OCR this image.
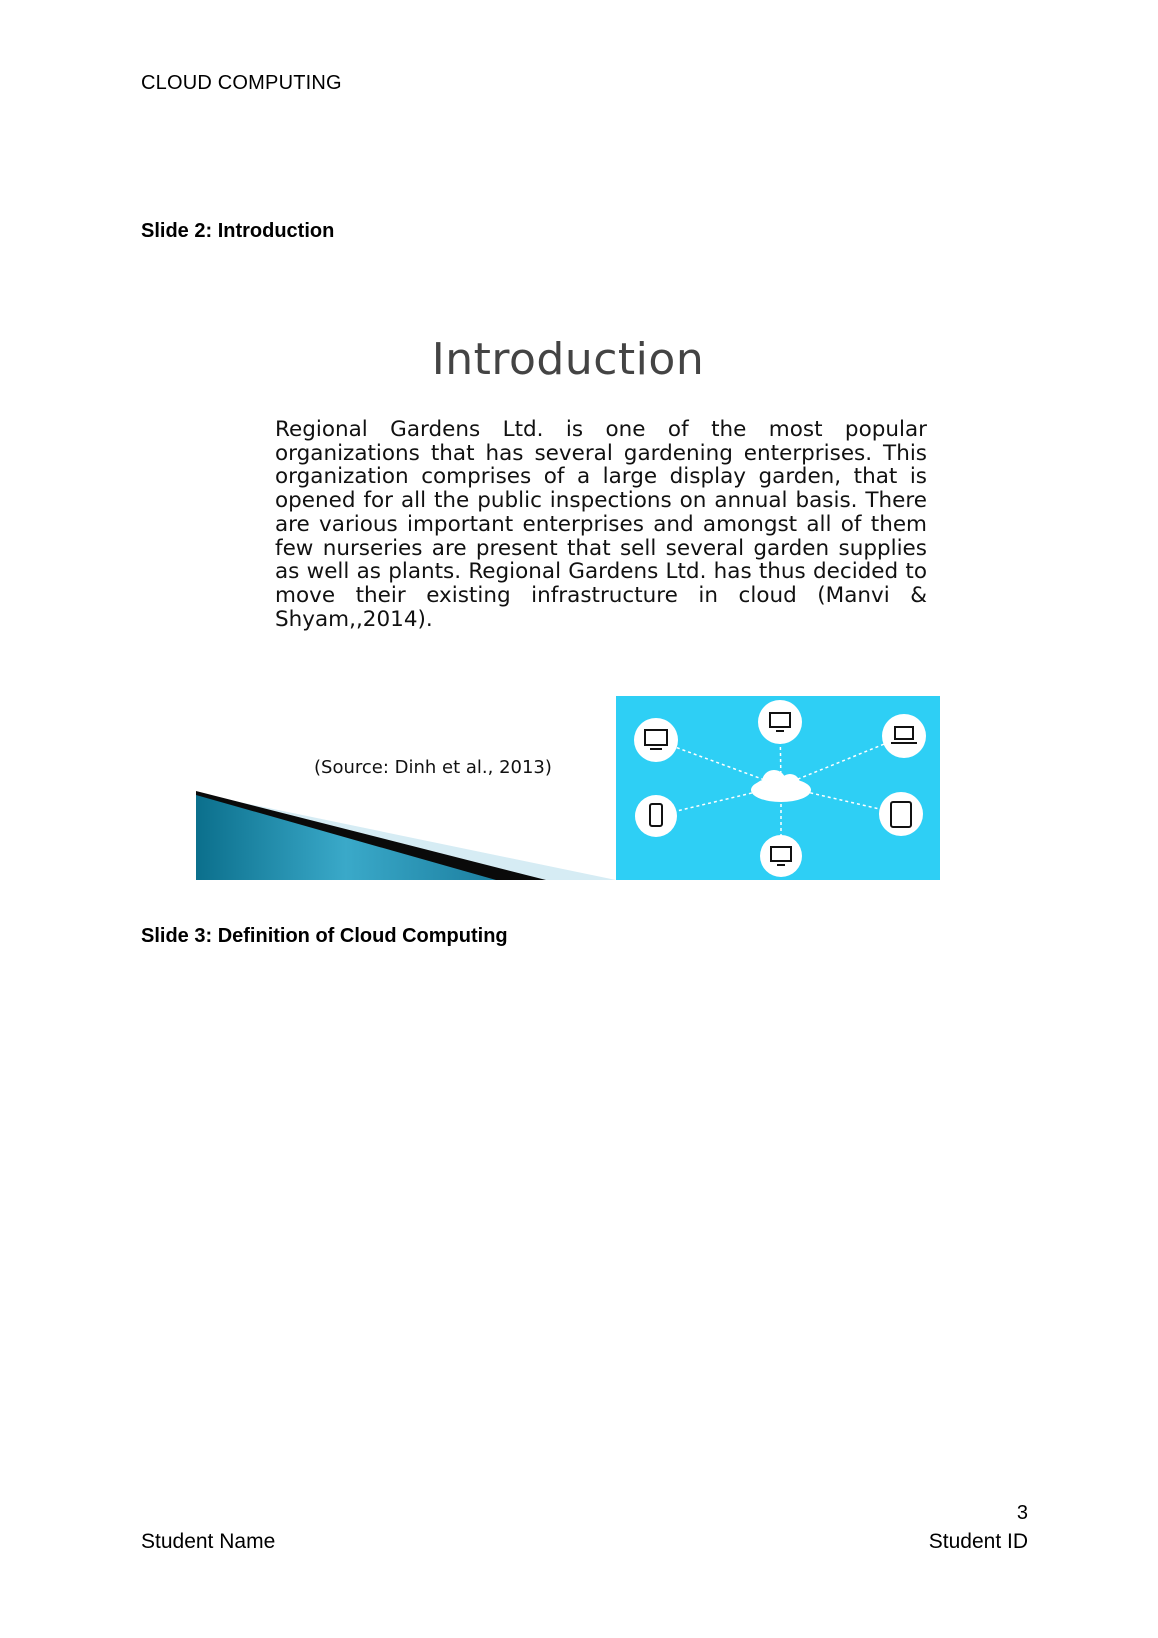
CLOUD COMPUTING
Slide 2: Introduction
Introduction

Regional Gardens Ltd. is one of the most popular organizations that has several gardening enterprises. This organization comprises of a large display garden, that is opened for all the public inspections on annual basis. There are various important enterprises and amongst all of them few nurseries are present that sell several garden supplies as well as plants. Regional Gardens Ltd. has thus decided to move their existing infrastructure in cloud (Manvi & Shyam,,2014).

(Source: Dinh et al., 2013)
Slide 3: Definition of Cloud Computing
3
Student Name	Student ID
